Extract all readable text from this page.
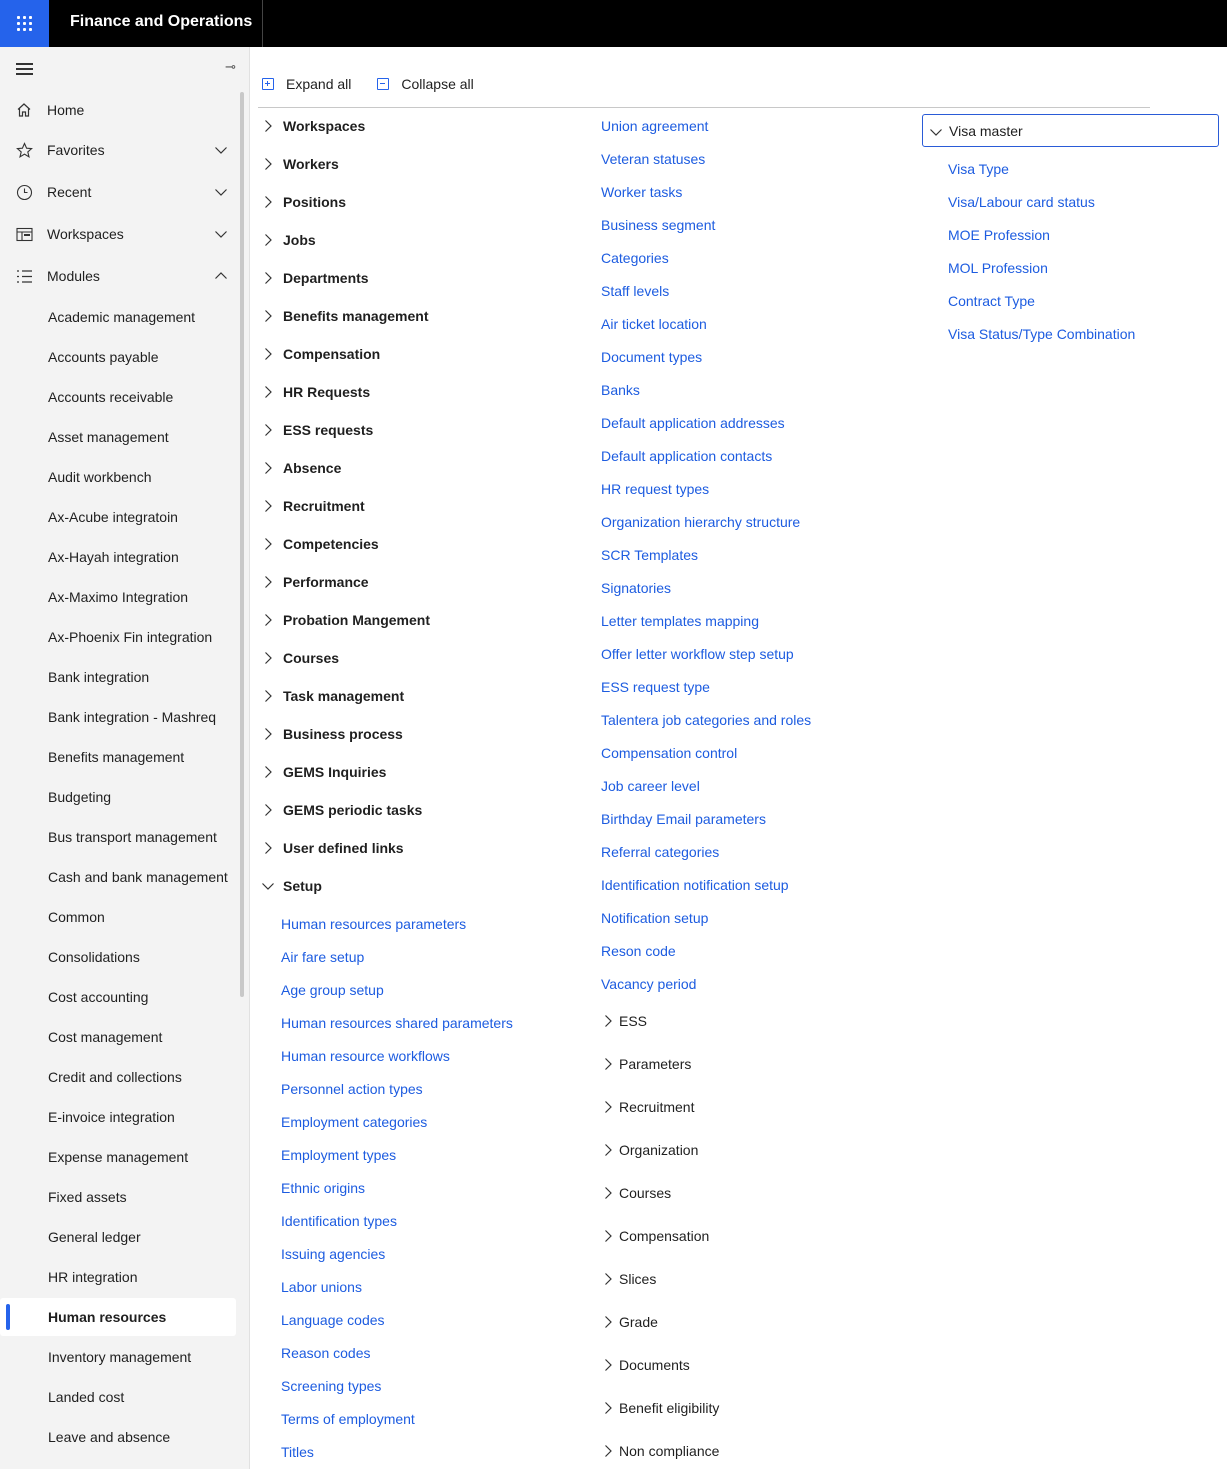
Finance and Operations
⊸
Home
Favorites
Recent
Workspaces
Modules
Academic management
Accounts payable
Accounts receivable
Asset management
Audit workbench
Ax-Acube integratoin
Ax-Hayah integration
Ax-Maximo Integration
Ax-Phoenix Fin integration
Bank integration
Bank integration - Mashreq
Benefits management
Budgeting
Bus transport management
Cash and bank management
Common
Consolidations
Cost accounting
Cost management
Credit and collections
E-invoice integration
Expense management
Fixed assets
General ledger
HR integration
Human resources
Inventory management
Landed cost
Leave and absence
Expand all	Collapse all
Workspaces
Workers
Positions
Jobs
Departments
Benefits management
Compensation
HR Requests
ESS requests
Absence
Recruitment
Competencies
Performance
Probation Mangement
Courses
Task management
Business process
GEMS Inquiries
GEMS periodic tasks
User defined links
Setup
Human resources parameters
Air fare setup
Age group setup
Human resources shared parameters
Human resource workflows
Personnel action types
Employment categories
Employment types
Ethnic origins
Identification types
Issuing agencies
Labor unions
Language codes
Reason codes
Screening types
Terms of employment
Titles
Union agreement
Veteran statuses
Worker tasks
Business segment
Categories
Staff levels
Air ticket location
Document types
Banks
Default application addresses
Default application contacts
HR request types
Organization hierarchy structure
SCR Templates
Signatories
Letter templates mapping
Offer letter workflow step setup
ESS request type
Talentera job categories and roles
Compensation control
Job career level
Birthday Email parameters
Referral categories
Identification notification setup
Notification setup
Reson code
Vacancy period
ESS
Parameters
Recruitment
Organization
Courses
Compensation
Slices
Grade
Documents
Benefit eligibility
Non compliance
Visa master
Visa Type
Visa/Labour card status
MOE Profession
MOL Profession
Contract Type
Visa Status/Type Combination
